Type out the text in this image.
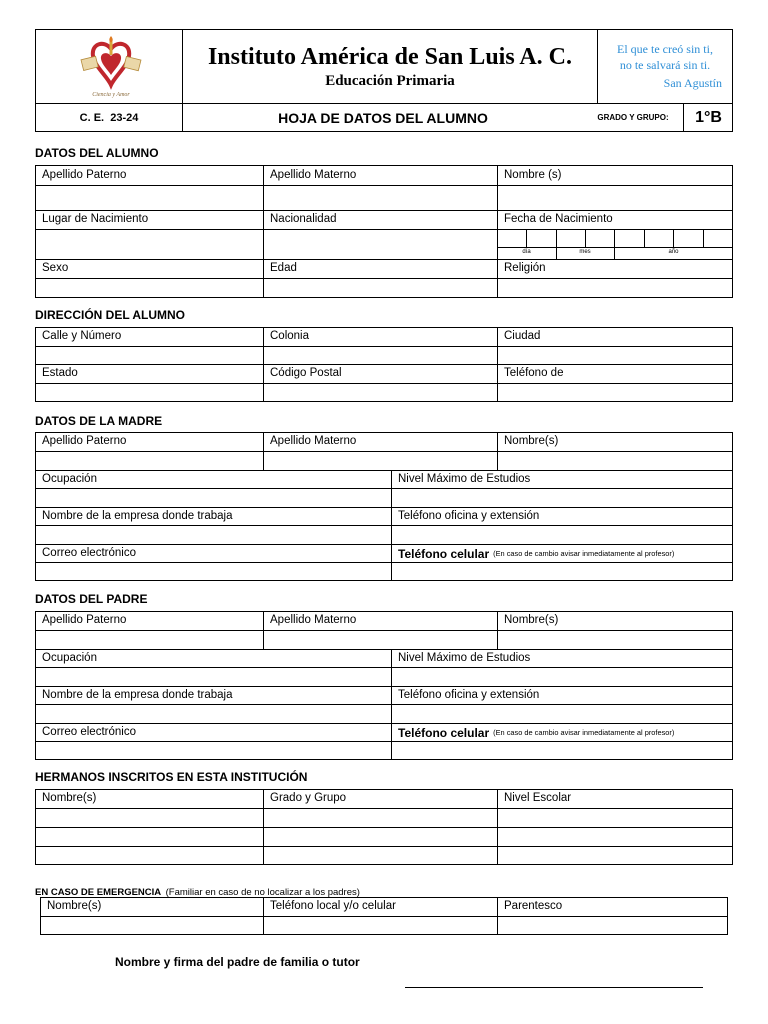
Ciencia y Amor
Instituto América de San Luis A. C.
Educación Primaria
El que te creó sin ti,
no te salvará sin ti.
San Agustín
C. E.  23-24	HOJA DE DATOS DEL ALUMNO	GRADO Y GRUPO:	1°B
DATOS DEL ALUMNO
día	mes	año
Apellido Paterno	Apellido Materno	Nombre (s)
Lugar de Nacimiento	Nacionalidad	Fecha de Nacimiento
Sexo	Edad	Religión
DIRECCIÓN DEL ALUMNO
Calle y Número	Colonia	Ciudad
Estado	Código Postal	Teléfono de
DATOS DE LA MADRE
Apellido Paterno	Apellido Materno	Nombre(s)
Ocupación	Nivel Máximo de Estudios
Nombre de la empresa donde trabaja	Teléfono oficina y extensión
Correo electrónico	Teléfono celular (En caso de cambio avisar inmediatamente al profesor)
DATOS DEL PADRE
Apellido Paterno	Apellido Materno	Nombre(s)
Ocupación	Nivel Máximo de Estudios
Nombre de la empresa donde trabaja	Teléfono oficina y extensión
Correo electrónico	Teléfono celular (En caso de cambio avisar inmediatamente al profesor)
HERMANOS INSCRITOS EN ESTA INSTITUCIÓN
Nombre(s)	Grado y Grupo	Nivel Escolar
EN CASO DE EMERGENCIA (Familiar en caso de no localizar a los padres)
Nombre(s)	Teléfono local y/o celular	Parentesco
Nombre y firma del padre de familia o tutor
